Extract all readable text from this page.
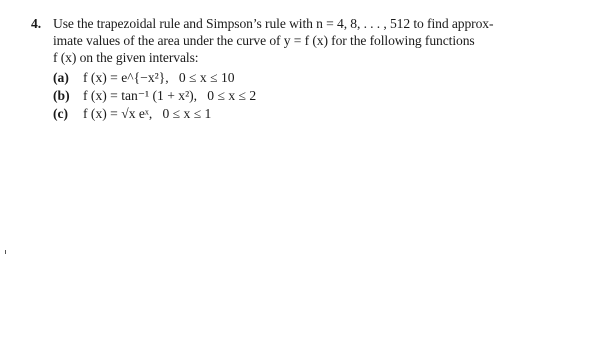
4. Use the trapezoidal rule and Simpson’s rule with n = 4, 8, . . . , 512 to find approx-
imate values of the area under the curve of y = f (x) for the following functions
f (x) on the given intervals:
(a)	f (x) = e^{−x²},   0 ≤ x ≤ 10
(b) f (x) = tan⁻¹ (1 + x²),   0 ≤ x ≤ 2
(c)	f (x) = √x eˣ,   0 ≤ x ≤ 1
